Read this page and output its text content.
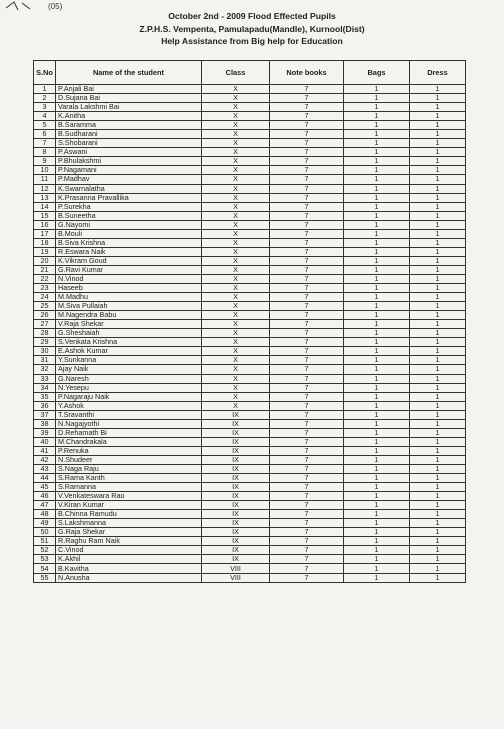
(05)
October 2nd - 2009 Flood Effected Pupils
Z.P.H.S. Vempenta, Pamulapadu(Mandle), Kurnool(Dist)
Help Assistance from Big help for Education
S.No	Name of the student	Class	Note books	Bags	Dress
1	P.Anjali Bai	X	7	1	1
2	D.Sujana Bai	X	7	1	1
3	Varala Lakshmi Bai	X	7	1	1
4	K.Anitha	X	7	1	1
5	B.Saramma	X	7	1	1
6	B.Sudharani	X	7	1	1
7	S.Shobarani	X	7	1	1
8	P.Aswani	X	7	1	1
9	P.Bhulakshmi	X	7	1	1
10	P.Nagamani	X	7	1	1
11	P.Madhav	X	7	1	1
12	K.Swarnalatha	X	7	1	1
13	K.Prasanna Pravallika	X	7	1	1
14	P.Surekha	X	7	1	1
15	B.Suneetha	X	7	1	1
16	G.Nayomi	X	7	1	1
17	B.Mouli	X	7	1	1
18	B.Siva Krishna	X	7	1	1
19	R.Eswara Naik	X	7	1	1
20	K.Vikram Goud	X	7	1	1
21	G.Ravi Kumar	X	7	1	1
22	N.Vinod	X	7	1	1
23	Haseeb	X	7	1	1
24	M.Madhu	X	7	1	1
25	M.Siva Pullaiah	X	7	1	1
26	M.Nagendra Babu	X	7	1	1
27	V.Raja Shekar	X	7	1	1
28	G.Sheshaiah	X	7	1	1
29	S.Venkata Krishna	X	7	1	1
30	E.Ashok Kumar	X	7	1	1
31	Y.Sunkanna	X	7	1	1
32	Ajay Naik	X	7	1	1
33	G.Naresh	X	7	1	1
34	N.Yesepu	X	7	1	1
35	P.Nagaraju Naik	X	7	1	1
36	Y.Ashok	X	7	1	1
37	T.Sravanthi	IX	7	1	1
38	N.Nagajyothi	IX	7	1	1
39	D.Rehamath Bi	IX	7	1	1
40	M.Chandrakala	IX	7	1	1
41	P.Renuka	IX	7	1	1
42	N.Shudeer	IX	7	1	1
43	S.Naga Raju	IX	7	1	1
44	S.Rama Kanth	IX	7	1	1
45	S.Ramanna	IX	7	1	1
46	V.Venkateswara Rao	IX	7	1	1
47	V.Kiran Kumar	IX	7	1	1
48	B.Chinna Ramudu	IX	7	1	1
49	S.Lakshmanna	IX	7	1	1
50	G.Raja Shekar	IX	7	1	1
51	R.Raghu Ram Naik	IX	7	1	1
52	C.Vinod	IX	7	1	1
53	K.Akhil	IX	7	1	1
54	B.Kavitha	VIII	7	1	1
55	N.Anusha	VIII	7	1	1
